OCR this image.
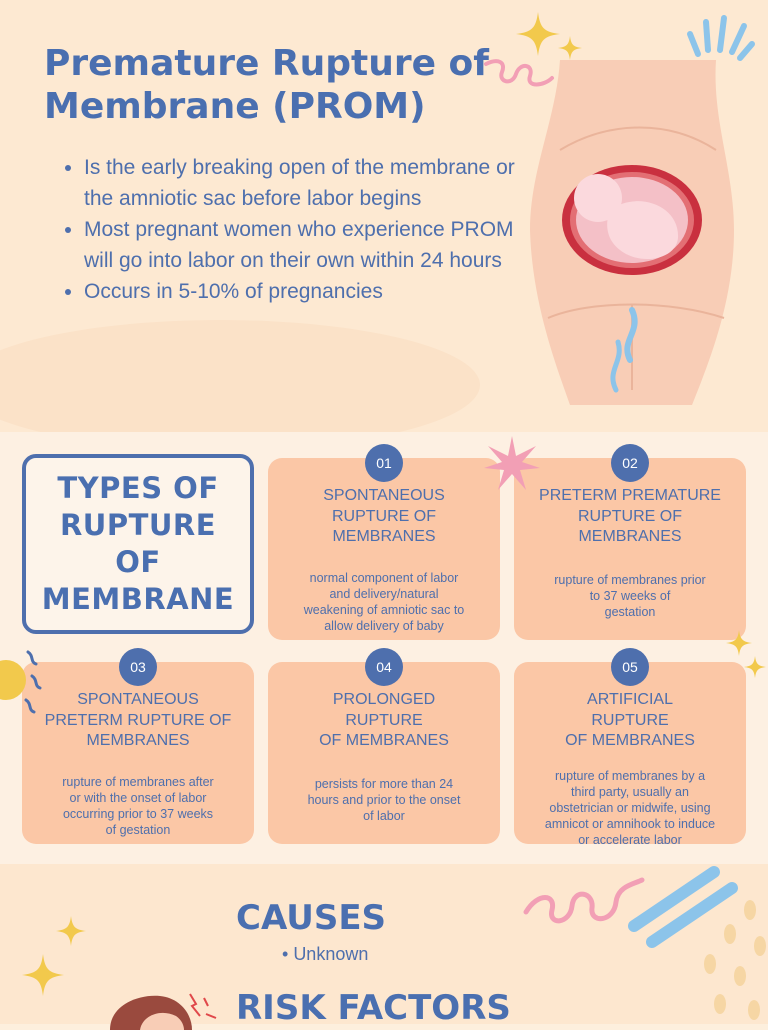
Premature Rupture of Membrane (PROM)
• Is the early breaking open of the membrane or the amniotic sac before labor begins
• Most pregnant women who experience PROM will go into labor on their own within 24 hours
• Occurs in 5-10% of pregnancies
TYPES OF
RUPTURE
OF
MEMBRANE
01
SPONTANEOUS
RUPTURE OF
MEMBRANES
normal component of labor
and delivery/natural
weakening of amniotic sac to
allow delivery of baby
02
PRETERM PREMATURE
RUPTURE OF
MEMBRANES
rupture of membranes prior
to 37 weeks of
gestation
03
SPONTANEOUS
PRETERM RUPTURE OF
MEMBRANES
rupture of membranes after
or with the onset of labor
occurring prior to 37 weeks
of gestation
04
PROLONGED
RUPTURE
OF MEMBRANES
persists for more than 24
hours and prior to the onset
of labor
05
ARTIFICIAL
RUPTURE
OF MEMBRANES
rupture of membranes by a
third party, usually an
obstetrician or midwife, using
amnicot or amnihook to induce
or accelerate labor
CAUSES
• Unknown
RISK FACTORS
